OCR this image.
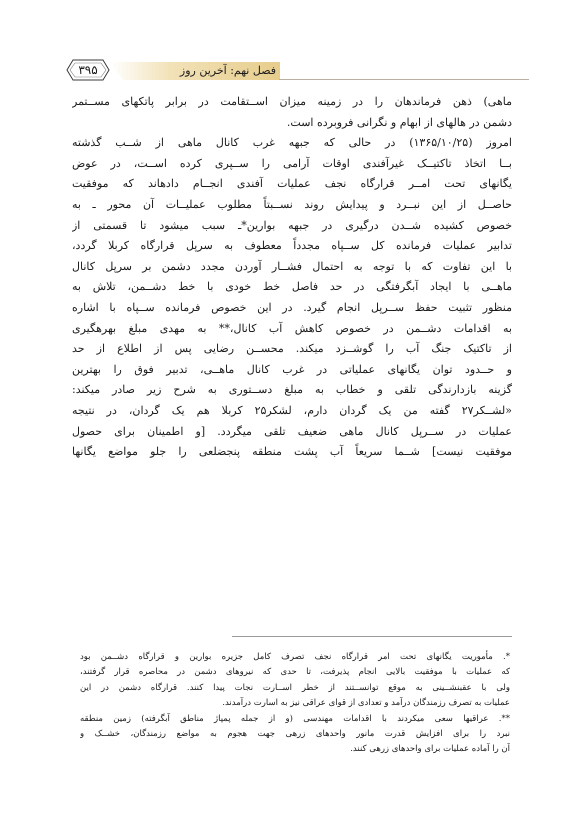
فصل نهم: آخرین روز
۳۹۵
ماهی) ذهن فرماندهان را در زمینه میزان اســتقامت در برابر پاتکهای مســتمر
دشمن در هالهای از ابهام و نگرانی فروبرده است.
امروز (۱۳۶۵/۱۰/۲۵) در حالی که جبهه غرب کانال ماهی از شــب گذشته
بــا اتخاذ تاکتیــک غیرآفندی اوقات آرامی را ســپری کرده اســت، در عوض
یگانهای تحت امــر قرارگاه نجف عملیات آفندی انجــام دادهاند که موفقیت
حاصــل از این نبــرد و پیدایش روند نســبتاً مطلوب عملیــات آن محور ـ به
خصوص کشیده شــدن درگیری در جبهه بوارین*ـ سبب میشود تا قسمتی از
تدابیر عملیات فرمانده کل ســپاه مجدداً معطوف به سرپل قرارگاه کربلا گردد،
با این تفاوت که با توجه به احتمال فشــار آوردن مجدد دشمن بر سرپل کانال
ماهــی با ایجاد آبگرفتگی در حد فاصل خط خودی با خط دشــمن، تلاش به
منظور تثبیت حفظ ســرپل انجام گیرد. در این خصوص فرمانده ســپاه با اشاره
به اقدامات دشــمن در خصوص کاهش آب کانال،** به مهدی مبلغ بهرهگیری
از تاکتیک جنگ آب را گوشــزد میکند. محســن رضایی پس از اطلاع از حد
و حــدود توان یگانهای عملیاتی در غرب کانال ماهــی، تدبیر فوق را بهترین
گزینه بازدارندگی تلقی و خطاب به مبلغ دســتوری به شرح زیر صادر میکند:
«لشــکر۲۷ گفته من یک گردان دارم، لشکر۲۵ کربلا هم یک گردان، در نتیجه
عملیات در ســرپل کانال ماهی ضعیف تلقی میگردد. [و اطمینان برای حصول
موفقیت نیست] شــما سریعاً آب پشت منطقه پنجضلعی را جلو مواضع یگانها
*. مأموریت یگانهای تحت امر قرارگاه نجف تصرف کامل جزیره بوارین و قرارگاه دشــمن بود
که عملیات با موفقیت بالایی انجام پذیرفت، تا حدی که نیروهای دشمن در محاصره قرار گرفتند،
ولی با عقبنشــینی به موقع توانســتند از خطر اســارت نجات پیدا کنند. قرارگاه دشمن در این
عملیات به تصرف رزمندگان درآمد و تعدادی از قوای عراقی نیز به اسارت درآمدند.
**. عراقیها سعی میکردند با اقدامات مهندسی (و از جمله پمپاژ مناطق آبگرفته) زمین منطقه
نبرد را برای افزایش قدرت مانور واحدهای زرهی جهت هجوم به مواضع رزمندگان، خشــک و
آن را آماده عملیات برای واحدهای زرهی کنند.
